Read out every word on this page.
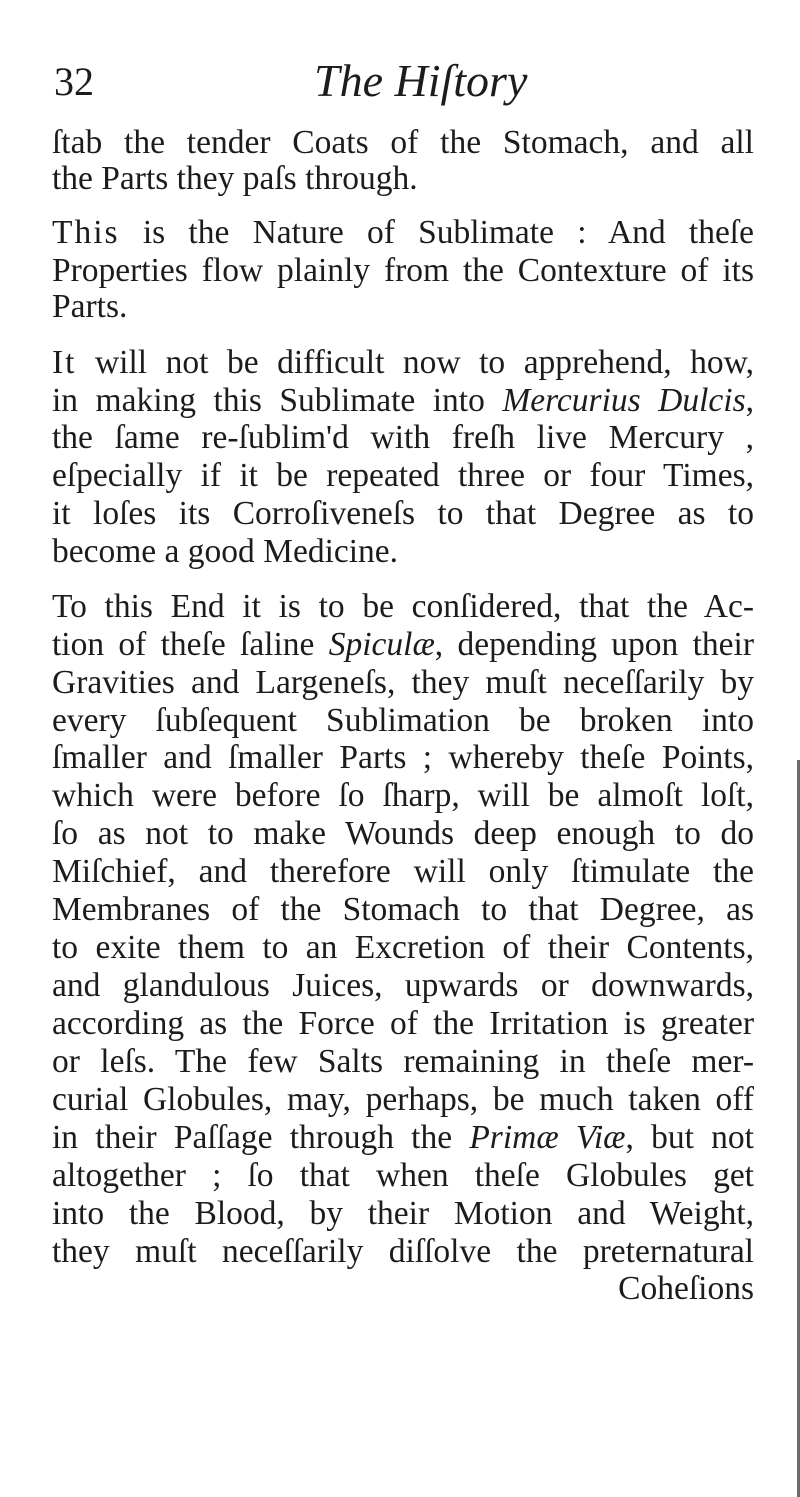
32	The Hiſtory
ſtab the tender Coats of the Stomach, and all
the Parts they paſs through.
This is the Nature of Sublimate : And theſe
Properties flow plainly from the Contexture of its
Parts.
It will not be difficult now to apprehend, how,
in making this Sublimate into Mercurius Dulcis,
the ſame re-ſublim'd with freſh live Mercury ,
eſpecially if it be repeated three or four Times,
it loſes its Corroſiveneſs to that Degree as to
become a good Medicine.
To this End it is to be conſidered, that the Ac-
tion of theſe ſaline Spiculæ, depending upon their
Gravities and Largeneſs, they muſt neceſſarily by
every ſubſequent Sublimation be broken into
ſmaller and ſmaller Parts ; whereby theſe Points,
which were before ſo ſharp, will be almoſt loſt,
ſo as not to make Wounds deep enough to do
Miſchief, and therefore will only ſtimulate the
Membranes of the Stomach to that Degree, as
to exite them to an Excretion of their Contents,
and glandulous Juices, upwards or downwards,
according as the Force of the Irritation is greater
or leſs. The few Salts remaining in theſe mer-
curial Globules, may, perhaps, be much taken off
in their Paſſage through the Primæ Viæ, but not
altogether ; ſo that when theſe Globules get
into the Blood, by their Motion and Weight,
they muſt neceſſarily diſſolve the preternatural
Coheſions
